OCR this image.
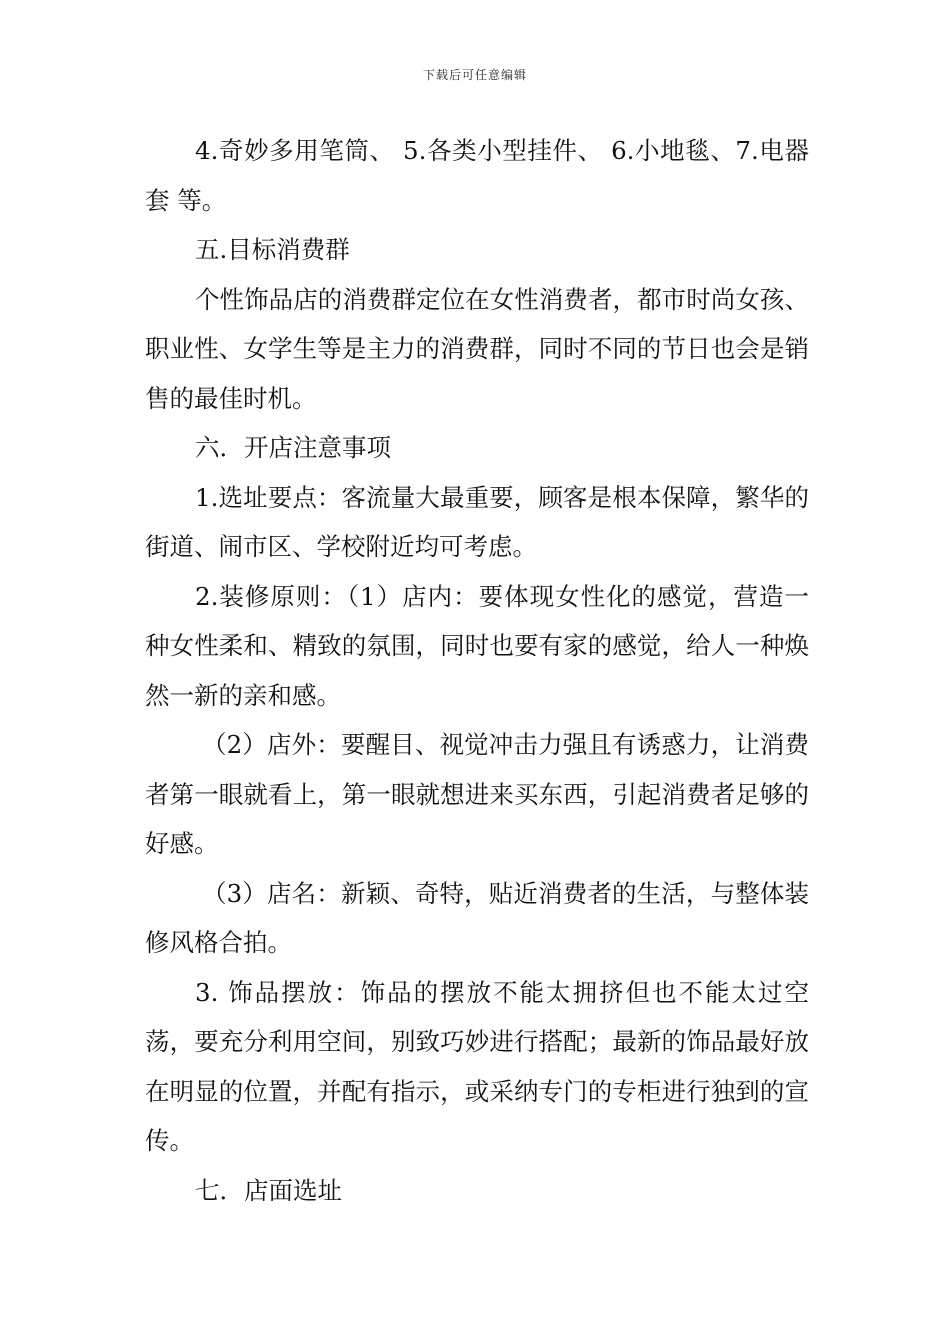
下载后可任意编辑

4.奇妙多用笔筒、 5.各类小型挂件、 6.小地毯、7.电器套 等。

五.目标消费群

个性饰品店的消费群定位在女性消费者，都市时尚女孩、职业性、女学生等是主力的消费群，同时不同的节日也会是销售的最佳时机。

六．开店注意事项

1.选址要点：客流量大最重要，顾客是根本保障，繁华的街道、闹市区、学校附近均可考虑。

2.装修原则：（1）店内：要体现女性化的感觉，营造一种女性柔和、精致的氛围，同时也要有家的感觉，给人一种焕然一新的亲和感。

（2）店外：要醒目、视觉冲击力强且有诱惑力，让消费者第一眼就看上，第一眼就想进来买东西，引起消费者足够的好感。

（3）店名：新颖、奇特，贴近消费者的生活，与整体装修风格合拍。

3. 饰品摆放：饰品的摆放不能太拥挤但也不能太过空荡，要充分利用空间，别致巧妙进行搭配；最新的饰品最好放在明显的位置，并配有指示，或采纳专门的专柜进行独到的宣传。

七．店面选址
